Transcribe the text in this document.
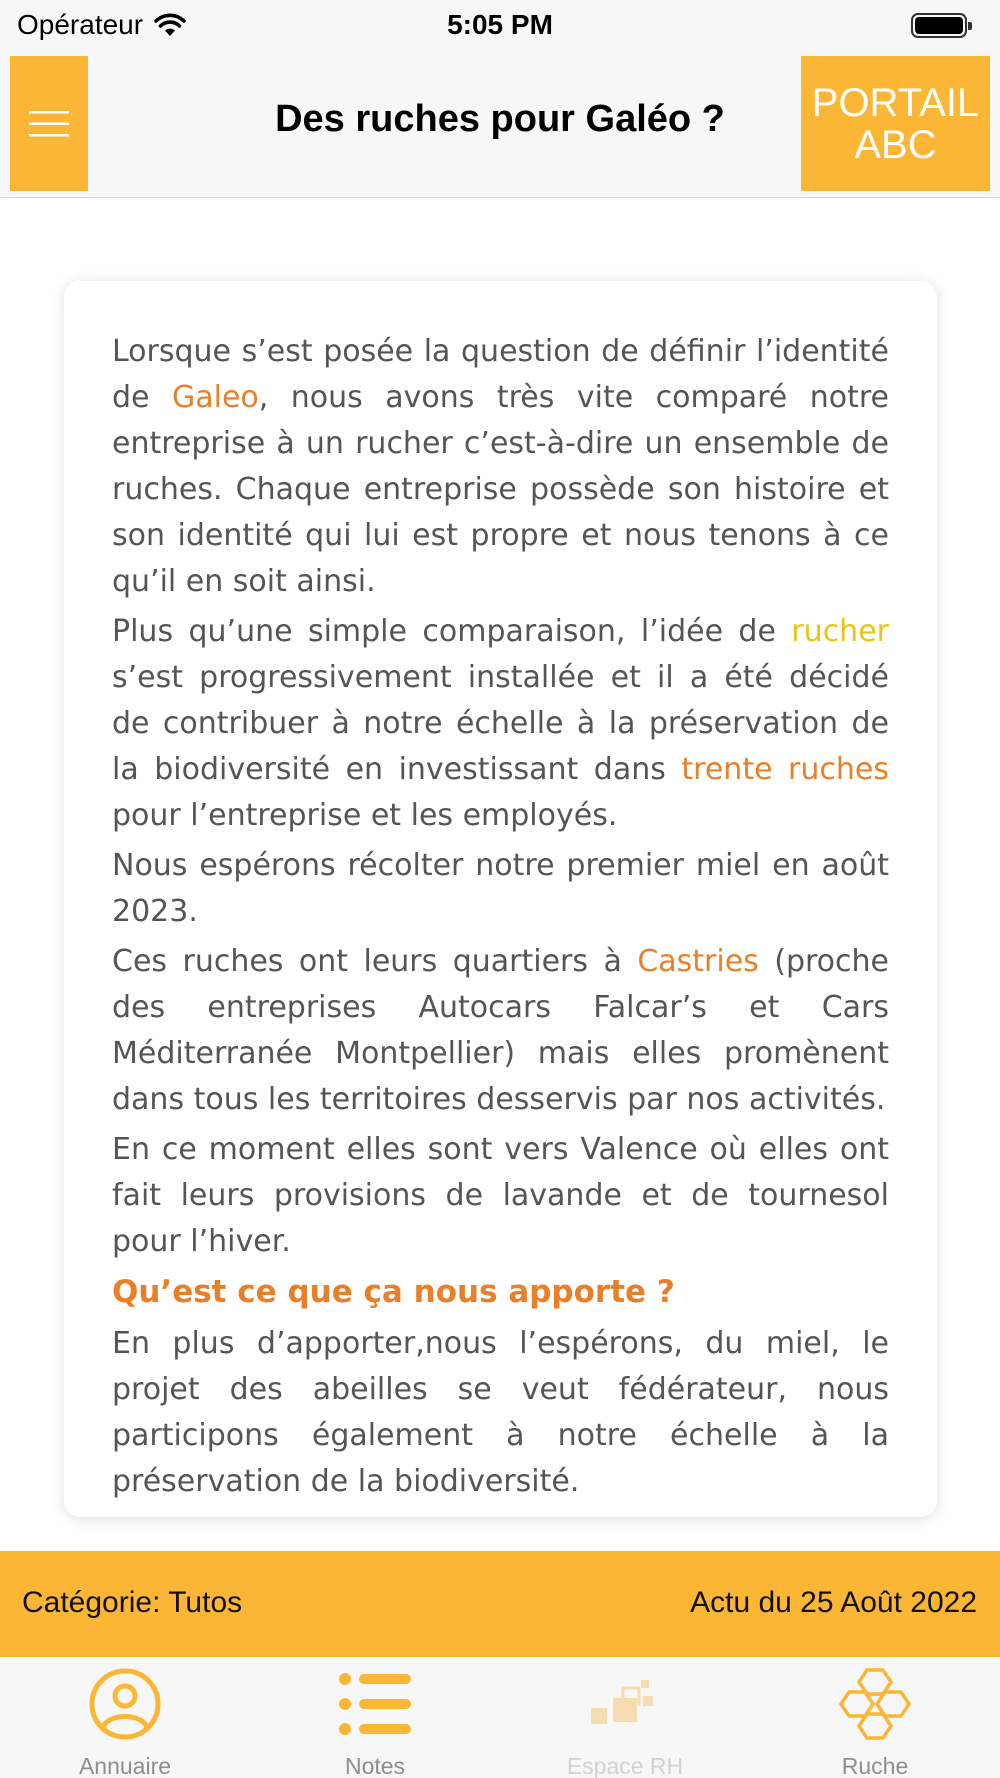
Opérateur	5:05 PM
Des ruches pour Galéo ?	PORTAIL
ABC

Lorsque s’est posée la question de définir l’identité de Galeo, nous avons très vite comparé notre entreprise à un rucher c’est-à-dire un ensemble de ruches. Chaque entreprise possède son histoire et son identité qui lui est propre et nous tenons à ce qu’il en soit ainsi.

Plus qu’une simple comparaison, l’idée de rucher s’est progressivement installée et il a été décidé de contribuer à notre échelle à la préservation de la biodiversité en investissant dans trente ruches pour l’entreprise et les employés.

Nous espérons récolter notre premier miel en août 2023.

Ces ruches ont leurs quartiers à Castries (proche des entreprises Autocars Falcar’s et Cars Méditerranée Montpellier) mais elles promènent dans tous les territoires desservis par nos activités.

En ce moment elles sont vers Valence où elles ont fait leurs provisions de lavande et de tournesol pour l’hiver.

Qu’est ce que ça nous apporte ?

En plus d’apporter,nous l’espérons, du miel, le projet des abeilles se veut fédérateur, nous participons également à notre échelle à la préservation de la biodiversité.

Catégorie: Tutos	Actu du 25 Août 2022
Annuaire	Notes	Espace RH	Ruche
